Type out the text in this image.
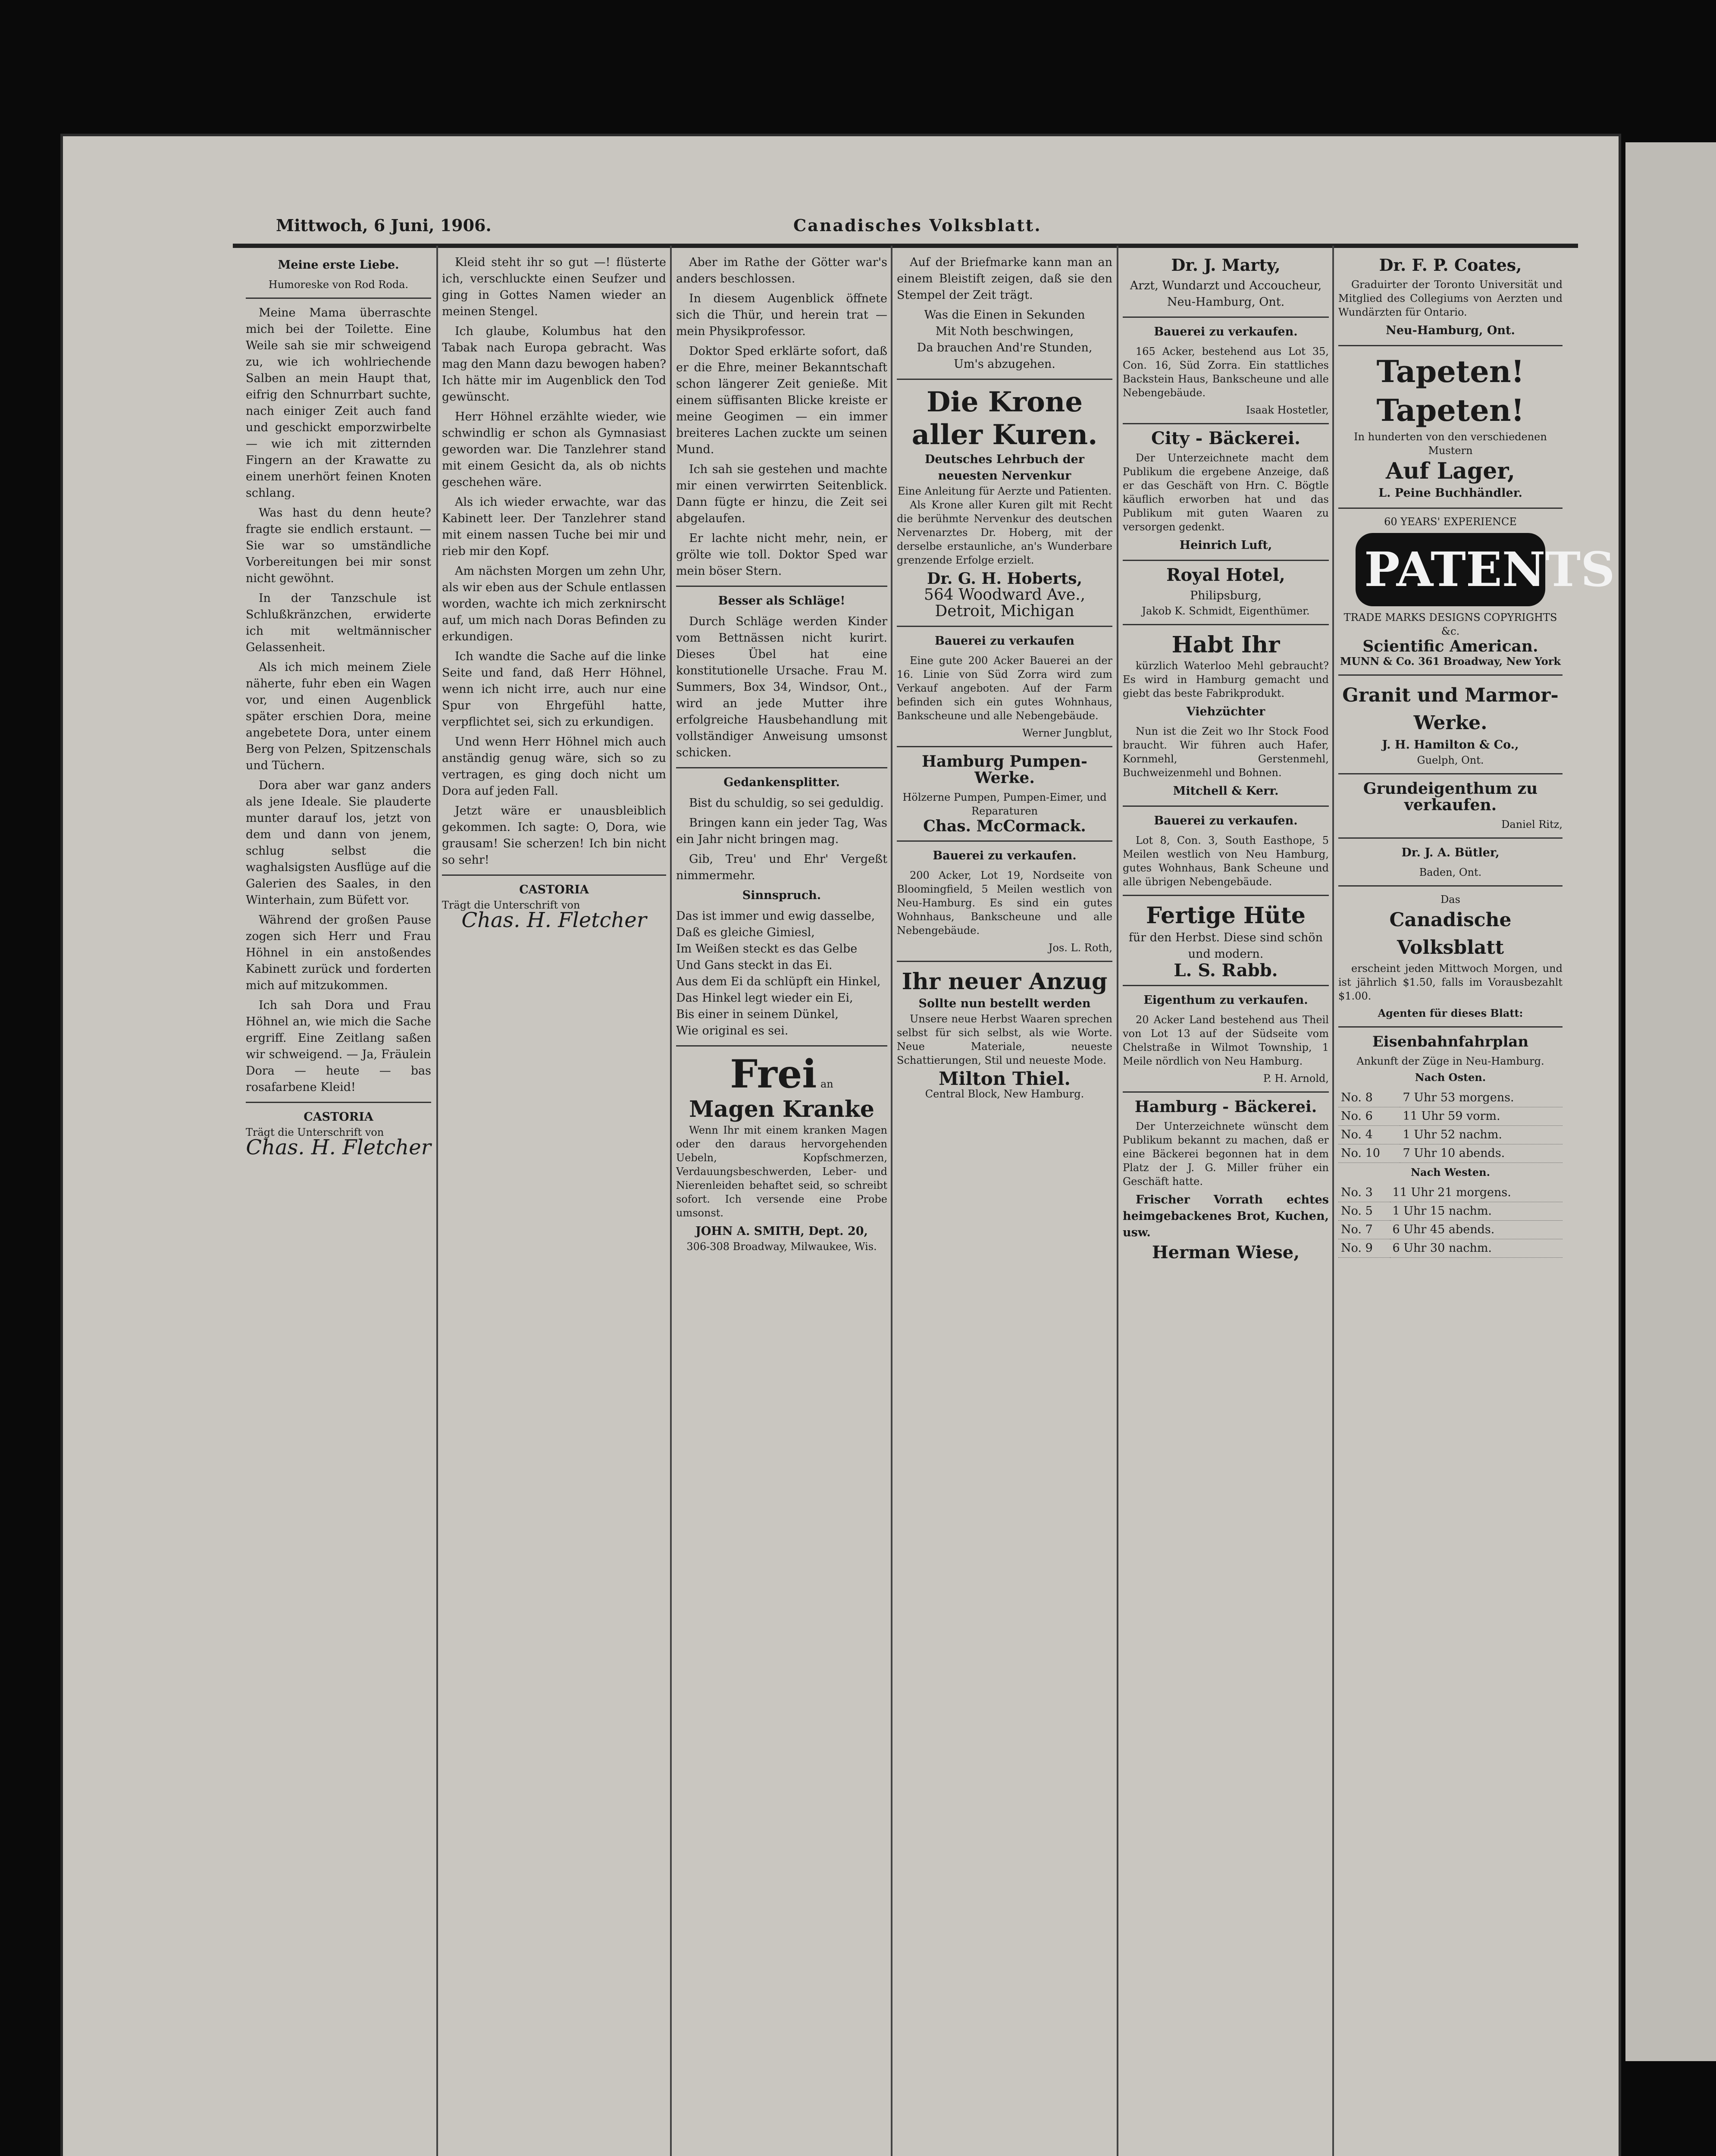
Mittwoch, 6 Juni, 1906.	Canadisches Volksblatt.
Meine erste Liebe.
Humoreske von Rod Roda.

Meine Mama überraschte mich bei der Toilette. Eine Weile sah sie mir schweigend zu, wie ich wohlriechende Salben an mein Haupt that, eifrig den Schnurrbart suchte, nach einiger Zeit auch fand und geschickt emporzwirbelte — wie ich mit zitternden Fingern an der Krawatte zu einem unerhört feinen Knoten schlang.

Was hast du denn heute? fragte sie endlich erstaunt. — Sie war so umständliche Vorbereitungen bei mir sonst nicht gewöhnt.

In der Tanzschule ist Schlußkränzchen, erwiderte ich mit weltmännischer Gelassenheit.

Als ich mich meinem Ziele näherte, fuhr eben ein Wagen vor, und einen Augenblick später erschien Dora, meine angebetete Dora, unter einem Berg von Pelzen, Spitzenschals und Tüchern.

Dora aber war ganz anders als jene Ideale. Sie plauderte munter darauf los, jetzt von dem und dann von jenem, schlug selbst die waghalsigsten Ausflüge auf die Galerien des Saales, in den Winterhain, zum Büfett vor.

Während der großen Pause zogen sich Herr und Frau Höhnel in ein anstoßendes Kabinett zurück und forderten mich auf mitzukommen.

Ich sah Dora und Frau Höhnel an, wie mich die Sache ergriff. Eine Zeitlang saßen wir schweigend. — Ja, Fräulein Dora — heute — bas rosafarbene Kleid!

CASTORIA
Trägt die Unterschrift von
Chas. H. Fletcher

Kleid steht ihr so gut —! flüsterte ich, verschluckte einen Seufzer und ging in Gottes Namen wieder an meinen Stengel.

Ich glaube, Kolumbus hat den Tabak nach Europa gebracht. Was mag den Mann dazu bewogen haben? Ich hätte mir im Augenblick den Tod gewünscht.

Herr Höhnel erzählte wieder, wie schwindlig er schon als Gymnasiast geworden war. Die Tanzlehrer stand mit einem Gesicht da, als ob nichts geschehen wäre.

Als ich wieder erwachte, war das Kabinett leer. Der Tanzlehrer stand mit einem nassen Tuche bei mir und rieb mir den Kopf.

Am nächsten Morgen um zehn Uhr, als wir eben aus der Schule entlassen worden, wachte ich mich zerknirscht auf, um mich nach Doras Befinden zu erkundigen.

Ich wandte die Sache auf die linke Seite und fand, daß Herr Höhnel, wenn ich nicht irre, auch nur eine Spur von Ehrgefühl hatte, verpflichtet sei, sich zu erkundigen.

Und wenn Herr Höhnel mich auch anständig genug wäre, sich so zu vertragen, es ging doch nicht um Dora auf jeden Fall.

Jetzt wäre er unausbleiblich gekommen. Ich sagte: O, Dora, wie grausam! Sie scherzen! Ich bin nicht so sehr!

CASTORIA
Trägt die Unterschrift von
Chas. H. Fletcher

Aber im Rathe der Götter war's anders beschlossen.

In diesem Augenblick öffnete sich die Thür, und herein trat — mein Physikprofessor.

Doktor Sped erklärte sofort, daß er die Ehre, meiner Bekanntschaft schon längerer Zeit genieße. Mit einem süffisanten Blicke kreiste er meine Geogimen — ein immer breiteres Lachen zuckte um seinen Mund.

Ich sah sie gestehen und machte mir einen verwirrten Seitenblick. Dann fügte er hinzu, die Zeit sei abgelaufen.

Er lachte nicht mehr, nein, er grölte wie toll. Doktor Sped war mein böser Stern.

Besser als Schläge!

Durch Schläge werden Kinder vom Bettnässen nicht kurirt. Dieses Übel hat eine konstitutionelle Ursache. Frau M. Summers, Box 34, Windsor, Ont., wird an jede Mutter ihre erfolgreiche Hausbehandlung mit vollständiger Anweisung umsonst schicken.

Gedankensplitter.

Bist du schuldig, so sei geduldig.

Bringen kann ein jeder Tag, Was ein Jahr nicht bringen mag.

Gib, Treu' und Ehr' Vergeßt nimmermehr.

Sinnspruch.
Das ist immer und ewig dasselbe,
Daß es gleiche Gimiesl,
Im Weißen steckt es das Gelbe
Und Gans steckt in das Ei.
Aus dem Ei da schlüpft ein Hinkel,
Das Hinkel legt wieder ein Ei,
Bis einer in seinem Dünkel,
Wie original es sei.
Frei an
Magen Kranke

Wenn Ihr mit einem kranken Magen oder den daraus hervorgehenden Uebeln, Kopfschmerzen, Verdauungsbeschwerden, Leber- und Nierenleiden behaftet seid, so schreibt sofort. Ich versende eine Probe umsonst.

JOHN A. SMITH, Dept. 20,
306-308 Broadway, Milwaukee, Wis.

Auf der Briefmarke kann man an einem Bleistift zeigen, daß sie den Stempel der Zeit trägt.

Was die Einen in Sekunden
Mit Noth beschwingen,
Da brauchen And're Stunden,
Um's abzugehen.
Die Krone aller Kuren.
Deutsches Lehrbuch der neuesten Nervenkur
Eine Anleitung für Aerzte und Patienten.

Als Krone aller Kuren gilt mit Recht die berühmte Nervenkur des deutschen Nervenarztes Dr. Hoberg, mit der derselbe erstaunliche, an's Wunderbare grenzende Erfolge erzielt.

Dr. G. H. Hoberts,
564 Woodward Ave.,
Detroit, Michigan
Bauerei zu verkaufen

Eine gute 200 Acker Bauerei an der 16. Linie von Süd Zorra wird zum Verkauf angeboten. Auf der Farm befinden sich ein gutes Wohnhaus, Bankscheune und alle Nebengebäude.

Werner Jungblut,
Hamburg Pumpen-Werke.
Hölzerne Pumpen, Pumpen-Eimer, und Reparaturen
Chas. McCormack.
Bauerei zu verkaufen.

200 Acker, Lot 19, Nordseite von Bloomingfield, 5 Meilen westlich von Neu-Hamburg. Es sind ein gutes Wohnhaus, Bankscheune und alle Nebengebäude.

Jos. L. Roth,
Ihr neuer Anzug
Sollte nun bestellt werden

Unsere neue Herbst Waaren sprechen selbst für sich selbst, als wie Worte. Neue Materiale, neueste Schattierungen, Stil und neueste Mode.

Milton Thiel.
Central Block, New Hamburg.
Dr. J. Marty,
Arzt, Wundarzt und Accoucheur,
Neu-Hamburg, Ont.
Bauerei zu verkaufen.

165 Acker, bestehend aus Lot 35, Con. 16, Süd Zorra. Ein stattliches Backstein Haus, Bankscheune und alle Nebengebäude.

Isaak Hostetler,
City - Bäckerei.

Der Unterzeichnete macht dem Publikum die ergebene Anzeige, daß er das Geschäft von Hrn. C. Bögtle käuflich erworben hat und das Publikum mit guten Waaren zu versorgen gedenkt.

Heinrich Luft,
Royal Hotel,
Philipsburg,
Jakob K. Schmidt, Eigenthümer.
Habt Ihr

kürzlich Waterloo Mehl gebraucht? Es wird in Hamburg gemacht und giebt das beste Fabrikprodukt.

Viehzüchter

Nun ist die Zeit wo Ihr Stock Food braucht. Wir führen auch Hafer, Kornmehl, Gerstenmehl, Buchweizenmehl und Bohnen.

Mitchell & Kerr.
Bauerei zu verkaufen.

Lot 8, Con. 3, South Easthope, 5 Meilen westlich von Neu Hamburg, gutes Wohnhaus, Bank Scheune und alle übrigen Nebengebäude.

Fertige Hüte
für den Herbst. Diese sind schön und modern.
L. S. Rabb.
Eigenthum zu verkaufen.

20 Acker Land bestehend aus Theil von Lot 13 auf der Südseite vom Chelstraße in Wilmot Township, 1 Meile nördlich von Neu Hamburg.

P. H. Arnold,
Hamburg - Bäckerei.

Der Unterzeichnete wünscht dem Publikum bekannt zu machen, daß er eine Bäckerei begonnen hat in dem Platz der J. G. Miller früher ein Geschäft hatte.

Frischer Vorrath echtes heimgebackenes Brot, Kuchen, usw.

Herman Wiese,
Dr. F. P. Coates,

Graduirter der Toronto Universität und Mitglied des Collegiums von Aerzten und Wundärzten für Ontario.

Neu-Hamburg, Ont.
Tapeten!
Tapeten!
In hunderten von den verschiedenen Mustern
Auf Lager,
L. Peine Buchhändler.
60 YEARS' EXPERIENCE
PATENTS
TRADE MARKS DESIGNS COPYRIGHTS &c.
Scientific American.
MUNN & Co. 361 Broadway, New York
Granit und Marmor-Werke.
J. H. Hamilton & Co.,
Guelph, Ont.
Grundeigenthum zu verkaufen.
Daniel Ritz,
Dr. J. A. Bütler,
Baden, Ont.
Das
Canadische Volksblatt

erscheint jeden Mittwoch Morgen, und ist jährlich $1.50, falls im Vorausbezahlt $1.00.

Agenten für dieses Blatt:
Eisenbahnfahrplan
Ankunft der Züge in Neu-Hamburg.
Nach Osten.
No. 8	7 Uhr 53 morgens.
No. 6	11 Uhr 59 vorm.
No. 4	1 Uhr 52 nachm.
No. 10	7 Uhr 10 abends.
Nach Westen.
No. 3	11 Uhr 21 morgens.
No. 5	1 Uhr 15 nachm.
No. 7	6 Uhr 45 abends.
No. 9	6 Uhr 30 nachm.
